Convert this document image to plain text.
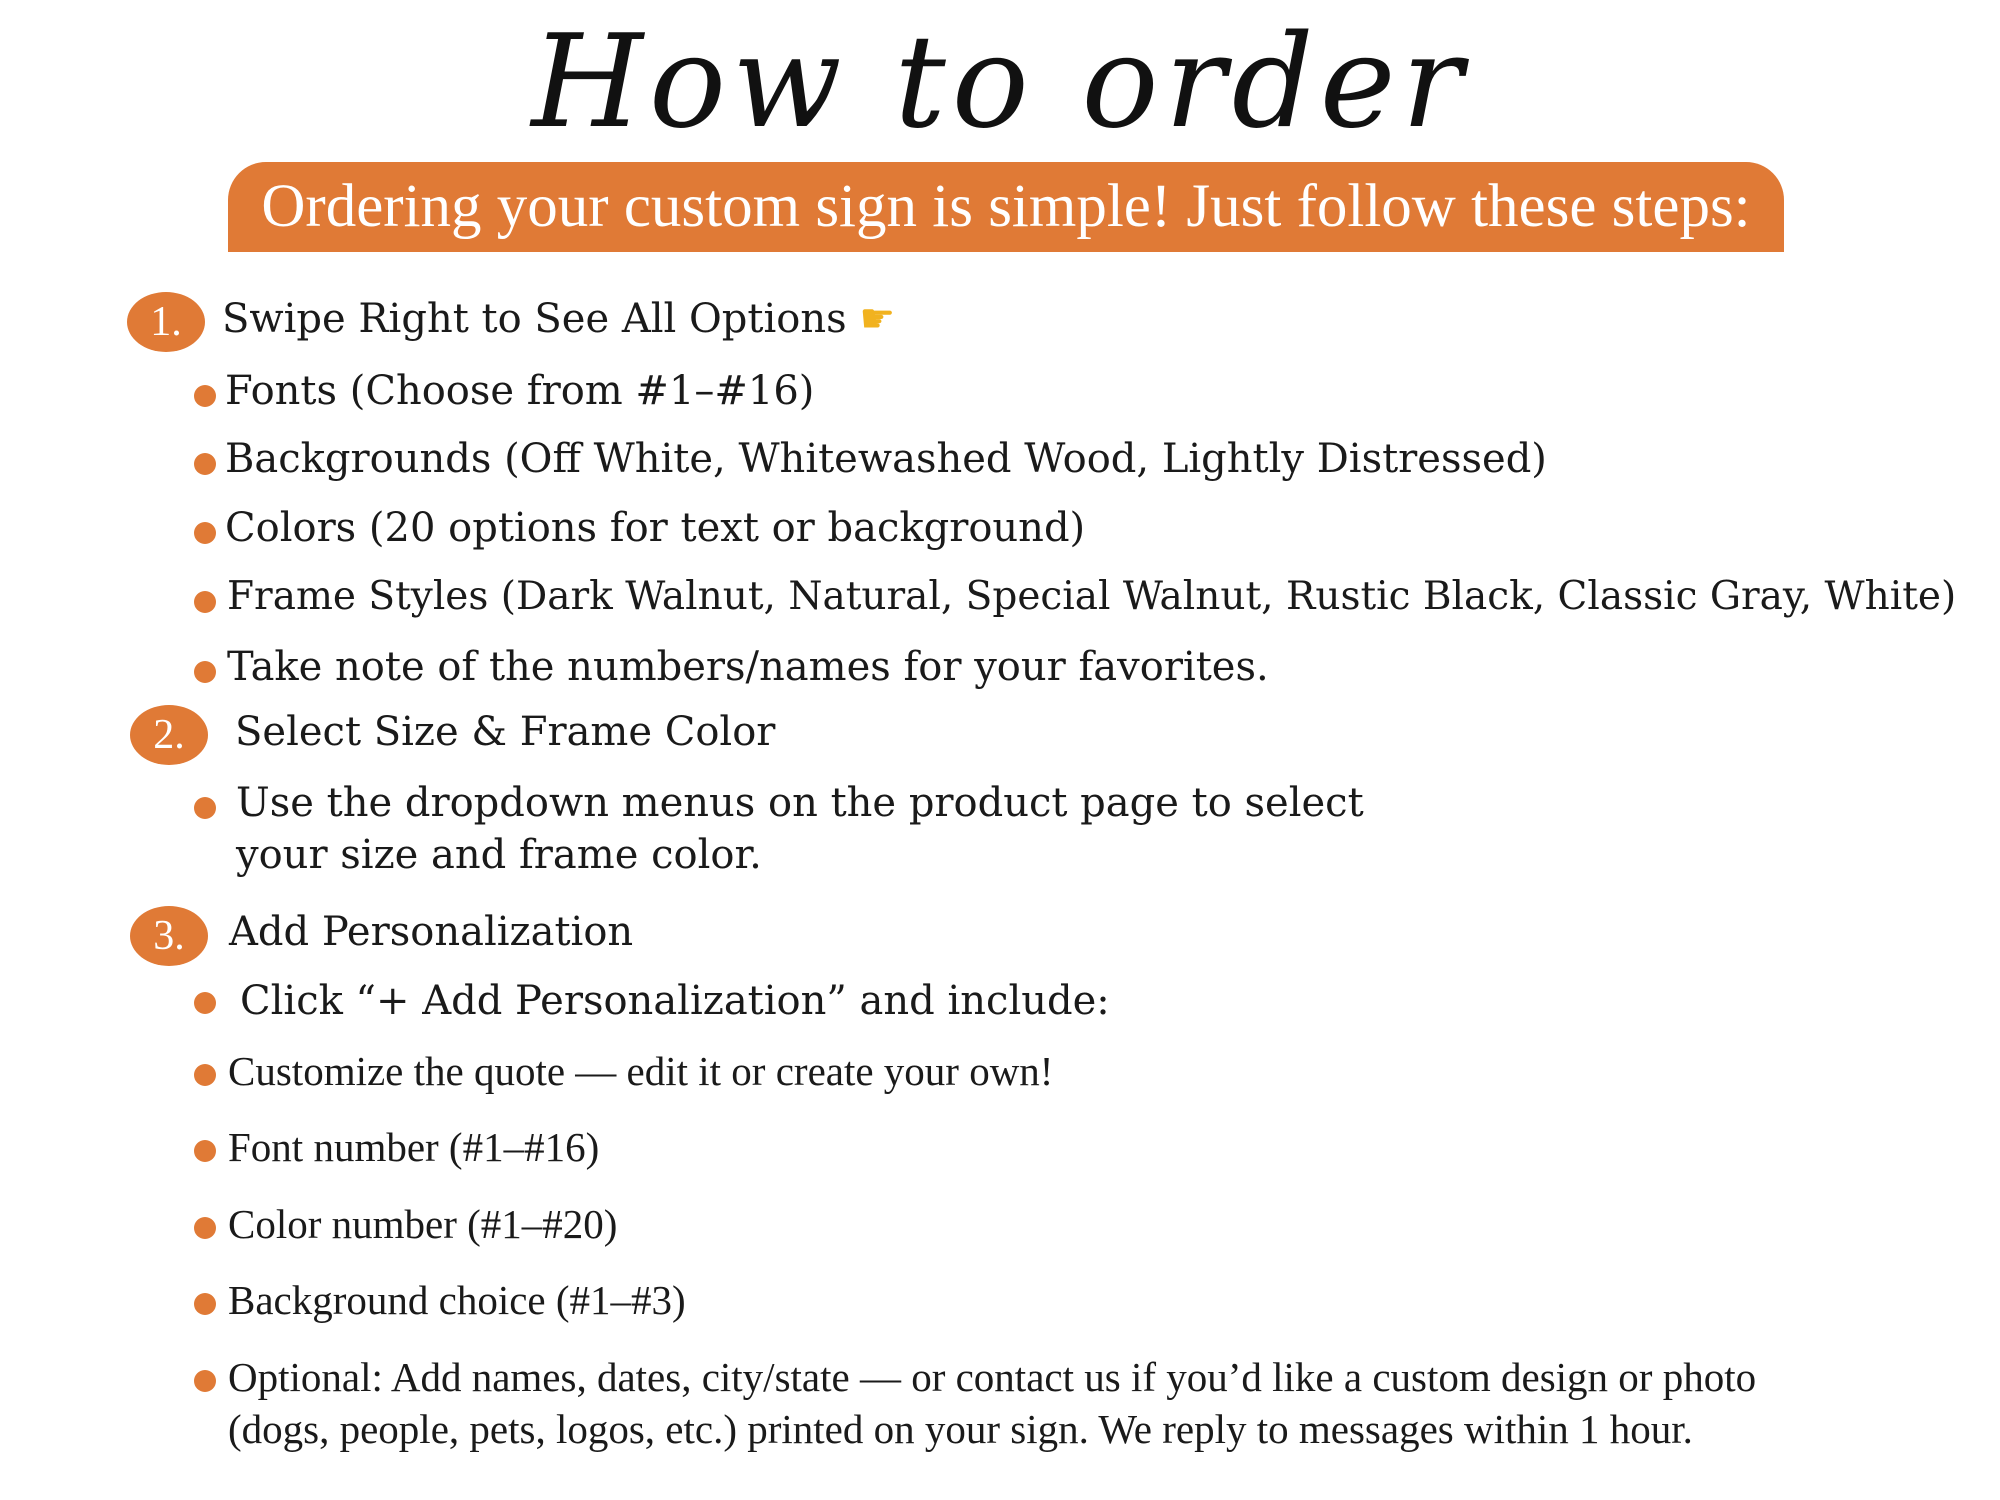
How to order
Ordering your custom sign is simple! Just follow these steps:
1.	Swipe Right to See All Options ☛
Fonts (Choose from #1–#16)
Backgrounds (Off White, Whitewashed Wood, Lightly Distressed)
Colors (20 options for text or background)
Frame Styles (Dark Walnut, Natural, Special Walnut, Rustic Black, Classic Gray, White)
Take note of the numbers/names for your favorites.
2.	Select Size & Frame Color
Use the dropdown menus on the product page to select
your size and frame color.
3.	Add Personalization
Click “+ Add Personalization” and include:
Customize the quote — edit it or create your own!
Font number (#1–#16)
Color number (#1–#20)
Background choice (#1–#3)
Optional: Add names, dates, city/state — or contact us if you’d like a custom design or photo
(dogs, people, pets, logos, etc.) printed on your sign. We reply to messages within 1 hour.
